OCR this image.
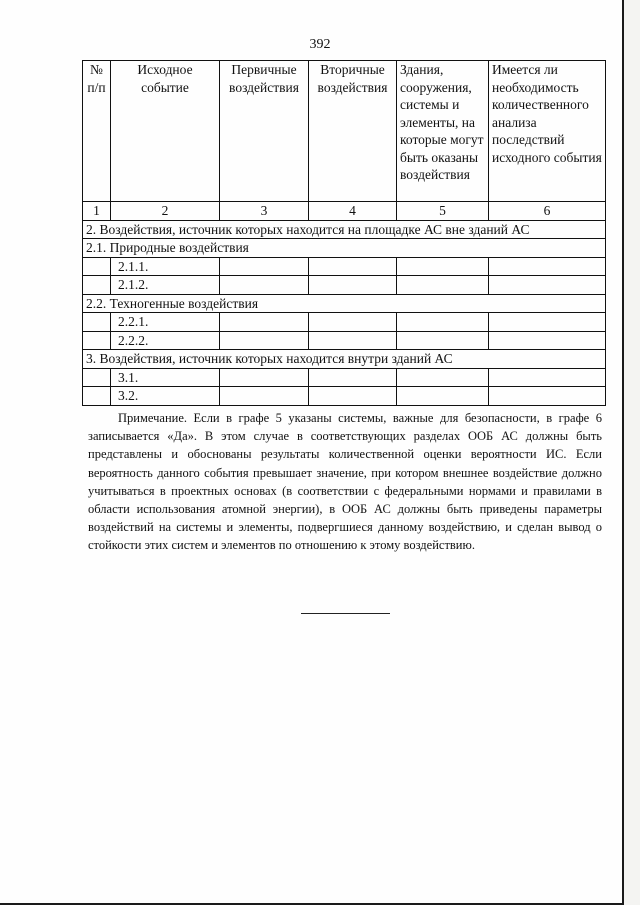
392
№ п/п	Исходное событие	Первичные воздействия	Вторичные воздействия	Здания, сооружения, системы и элементы, на которые могут быть оказаны воздействия	Имеется ли необходимость количественного анализа последствий исходного события
1	2	3	4	5	6
2. Воздействия, источник которых находится на площадке АС вне зданий АС					
2.1. Природные воздействия					
	2.1.1.				
	2.1.2.				
2.2. Техногенные воздействия					
	2.2.1.				
	2.2.2.				
3. Воздействия, источник которых находится внутри зданий АС					
	3.1.				
	3.2.				
Примечание. Если в графе 5 указаны системы, важные для безопасности, в графе 6 записывается «Да». В этом случае в соответствующих разделах ООБ АС должны быть представлены и обоснованы результаты количественной оценки вероятности ИС. Если вероятность данного события превышает значение, при котором внешнее воздействие должно учитываться в проектных основах (в соответствии с федеральными нормами и правилами в области использования атомной энергии), в ООБ АС должны быть приведены параметры воздействий на системы и элементы, подвергшиеся данному воздействию, и сделан вывод о стойкости этих систем и элементов по отношению к этому воздействию.
